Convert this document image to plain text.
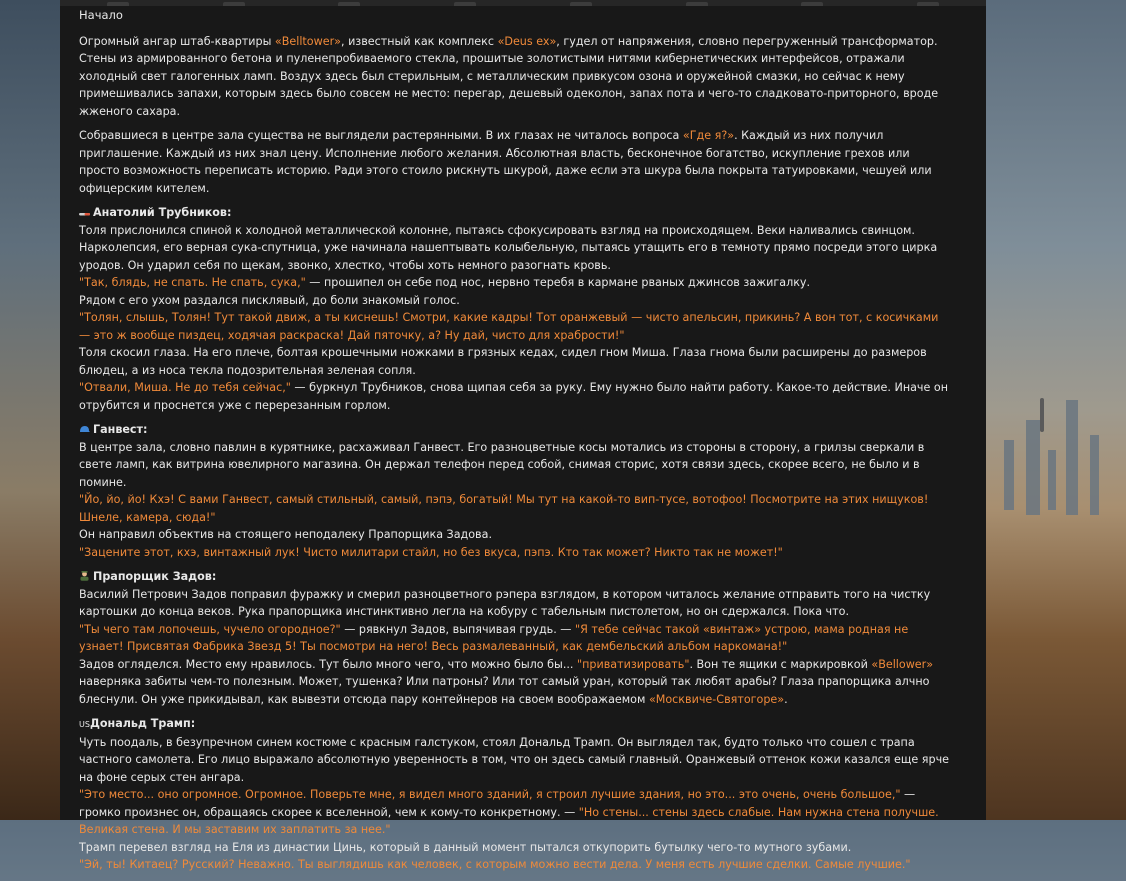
Начало

Огромный ангар штаб-квартиры «Belltower», известный как комплекс «Deus ex», гудел от напряжения, словно перегруженный трансформатор. Стены из армированного бетона и пуленепробиваемого стекла, прошитые золотистыми нитями кибернетических интерфейсов, отражали холодный свет галогенных ламп. Воздух здесь был стерильным, с металлическим привкусом озона и оружейной смазки, но сейчас к нему примешивались запахи, которым здесь было совсем не место: перегар, дешевый одеколон, запах пота и чего-то сладковато-приторного, вроде жженого сахара.

Собравшиеся в центре зала существа не выглядели растерянными. В их глазах не читалось вопроса «Где я?». Каждый из них получил приглашение. Каждый из них знал цену. Исполнение любого желания. Абсолютная власть, бесконечное богатство, искупление грехов или просто возможность переписать историю. Ради этого стоило рискнуть шкурой, даже если эта шкура была покрыта татуировками, чешуей или офицерским кителем.

Анатолий Трубников:
Толя прислонился спиной к холодной металлической колонне, пытаясь сфокусировать взгляд на происходящем. Веки наливались свинцом. Нарколепсия, его верная сука-спутница, уже начинала нашептывать колыбельную, пытаясь утащить его в темноту прямо посреди этого цирка уродов. Он ударил себя по щекам, звонко, хлестко, чтобы хоть немного разогнать кровь.
"Так, блядь, не спать. Не спать, сука," — прошипел он себе под нос, нервно теребя в кармане рваных джинсов зажигалку.
Рядом с его ухом раздался писклявый, до боли знакомый голос.
"Толян, слышь, Толян! Тут такой движ, а ты киснешь! Смотри, какие кадры! Тот оранжевый — чисто апельсин, прикинь? А вон тот, с косичками — это ж вообще пиздец, ходячая раскраска! Дай пяточку, а? Ну дай, чисто для храбрости!"
Толя скосил глаза. На его плече, болтая крошечными ножками в грязных кедах, сидел гном Миша. Глаза гнома были расширены до размеров блюдец, а из носа текла подозрительная зеленая сопля.
"Отвали, Миша. Не до тебя сейчас," — буркнул Трубников, снова щипая себя за руку. Ему нужно было найти работу. Какое-то действие. Иначе он отрубится и проснется уже с перерезанным горлом.

Ганвест:
В центре зала, словно павлин в курятнике, расхаживал Ганвест. Его разноцветные косы мотались из стороны в сторону, а грилзы сверкали в свете ламп, как витрина ювелирного магазина. Он держал телефон перед собой, снимая сторис, хотя связи здесь, скорее всего, не было и в помине.
"Йо, йо, йо! Кхэ! С вами Ганвест, самый стильный, самый, пэпэ, богатый! Мы тут на какой-то вип-тусе, вотофоо! Посмотрите на этих нищуков! Шнеле, камера, сюда!"
Он направил объектив на стоящего неподалеку Прапорщика Задова.
"Зацените этот, кхэ, винтажный лук! Чисто милитари стайл, но без вкуса, пэпэ. Кто так может? Никто так не может!"

Прапорщик Задов:
Василий Петрович Задов поправил фуражку и смерил разноцветного рэпера взглядом, в котором читалось желание отправить того на чистку картошки до конца веков. Рука прапорщика инстинктивно легла на кобуру с табельным пистолетом, но он сдержался. Пока что.
"Ты чего там лопочешь, чучело огородное?" — рявкнул Задов, выпячивая грудь. — "Я тебе сейчас такой «винтаж» устрою, мама родная не узнает! Присвятая Фабрика Звезд 5! Ты посмотри на него! Весь размалеванный, как дембельский альбом наркомана!"
Задов огляделся. Место ему нравилось. Тут было много чего, что можно было бы... "приватизировать". Вон те ящики с маркировкой «Bellower» наверняка забиты чем-то полезным. Может, тушенка? Или патроны? Или тот самый уран, который так любят арабы? Глаза прапорщика алчно блеснули. Он уже прикидывал, как вывезти отсюда пару контейнеров на своем воображаемом «Москвиче-Святогоре».

USДональд Трамп:
Чуть поодаль, в безупречном синем костюме с красным галстуком, стоял Дональд Трамп. Он выглядел так, будто только что сошел с трапа частного самолета. Его лицо выражало абсолютную уверенность в том, что он здесь самый главный. Оранжевый оттенок кожи казался еще ярче на фоне серых стен ангара.
"Это место... оно огромное. Огромное. Поверьте мне, я видел много зданий, я строил лучшие здания, но это... это очень, очень большое," — громко произнес он, обращаясь скорее к вселенной, чем к кому-то конкретному. — "Но стены... стены здесь слабые. Нам нужна стена получше. Великая стена. И мы заставим их заплатить за нее."
Трамп перевел взгляд на Еля из династии Цинь, который в данный момент пытался откупорить бутылку чего-то мутного зубами.
"Эй, ты! Китаец? Русский? Неважно. Ты выглядишь как человек, с которым можно вести дела. У меня есть лучшие сделки. Самые лучшие."
